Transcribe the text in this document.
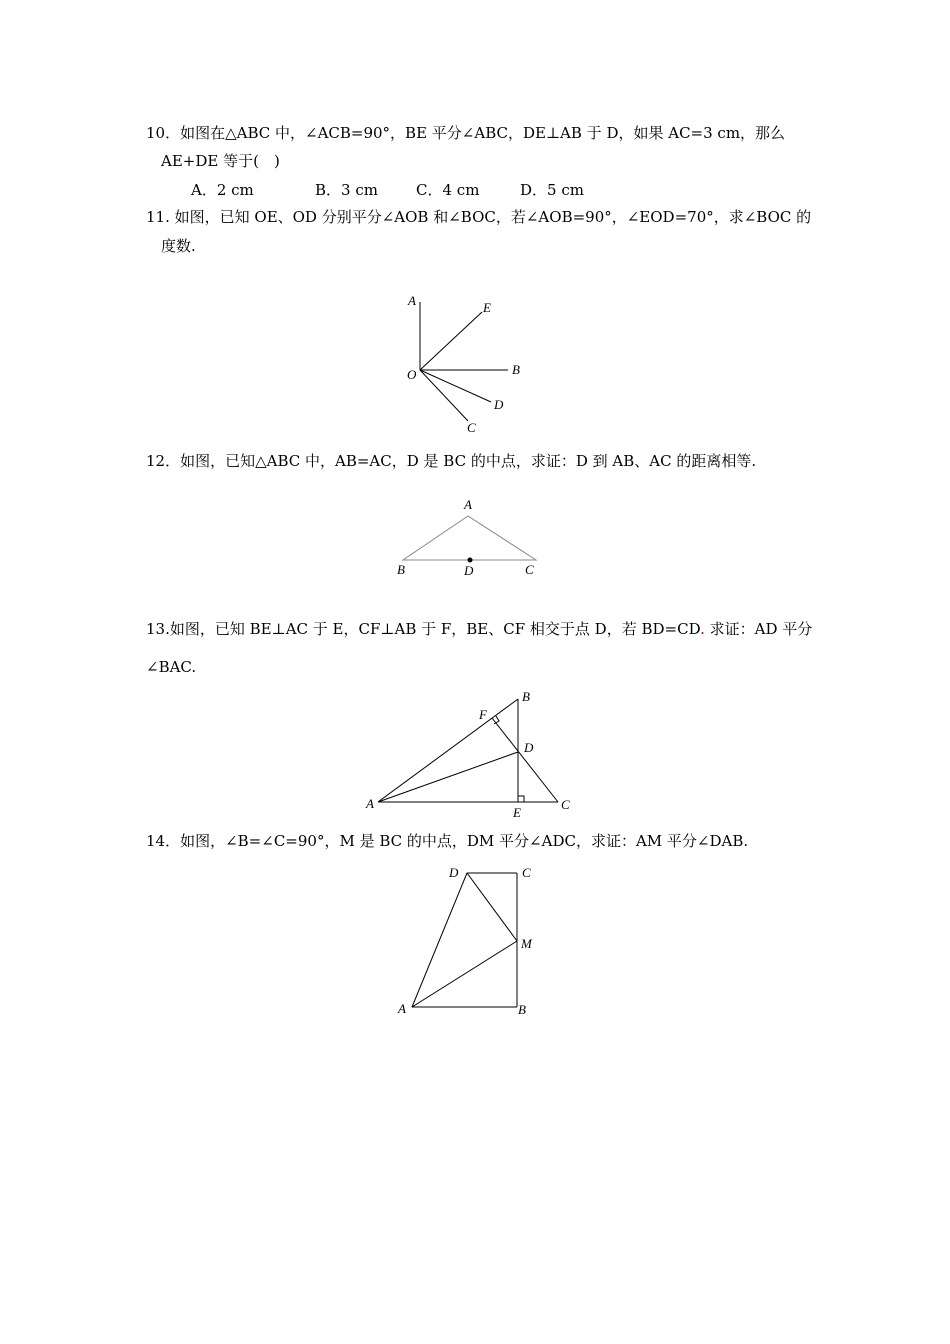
10．如图在△ABC 中，∠ACB=90°，BE 平分∠ABC，DE⊥AB 于 D，如果 AC=3 cm，那么
AE+DE 等于(　)
A．2 cm	B．3 cm	C．4 cm	D．5 cm
11. 如图，已知 OE、OD 分别平分∠AOB 和∠BOC，若∠AOB=90°，∠EOD=70°，求∠BOC 的
度数.
A	E
O	B
D
C
12．如图，已知△ABC 中，AB=AC，D 是 BC 的中点，求证：D 到 AB、AC 的距离相等.
A
B	D	C
13.如图，已知 BE⊥AC 于 E，CF⊥AB 于 F，BE、CF 相交于点 D，若 BD=CD. 求证：AD 平分
∠BAC.
B
F
D
A
E
C
14．如图，∠B=∠C=90°，M 是 BC 的中点，DM 平分∠ADC，求证：AM 平分∠DAB.
D	C
M
A	B
